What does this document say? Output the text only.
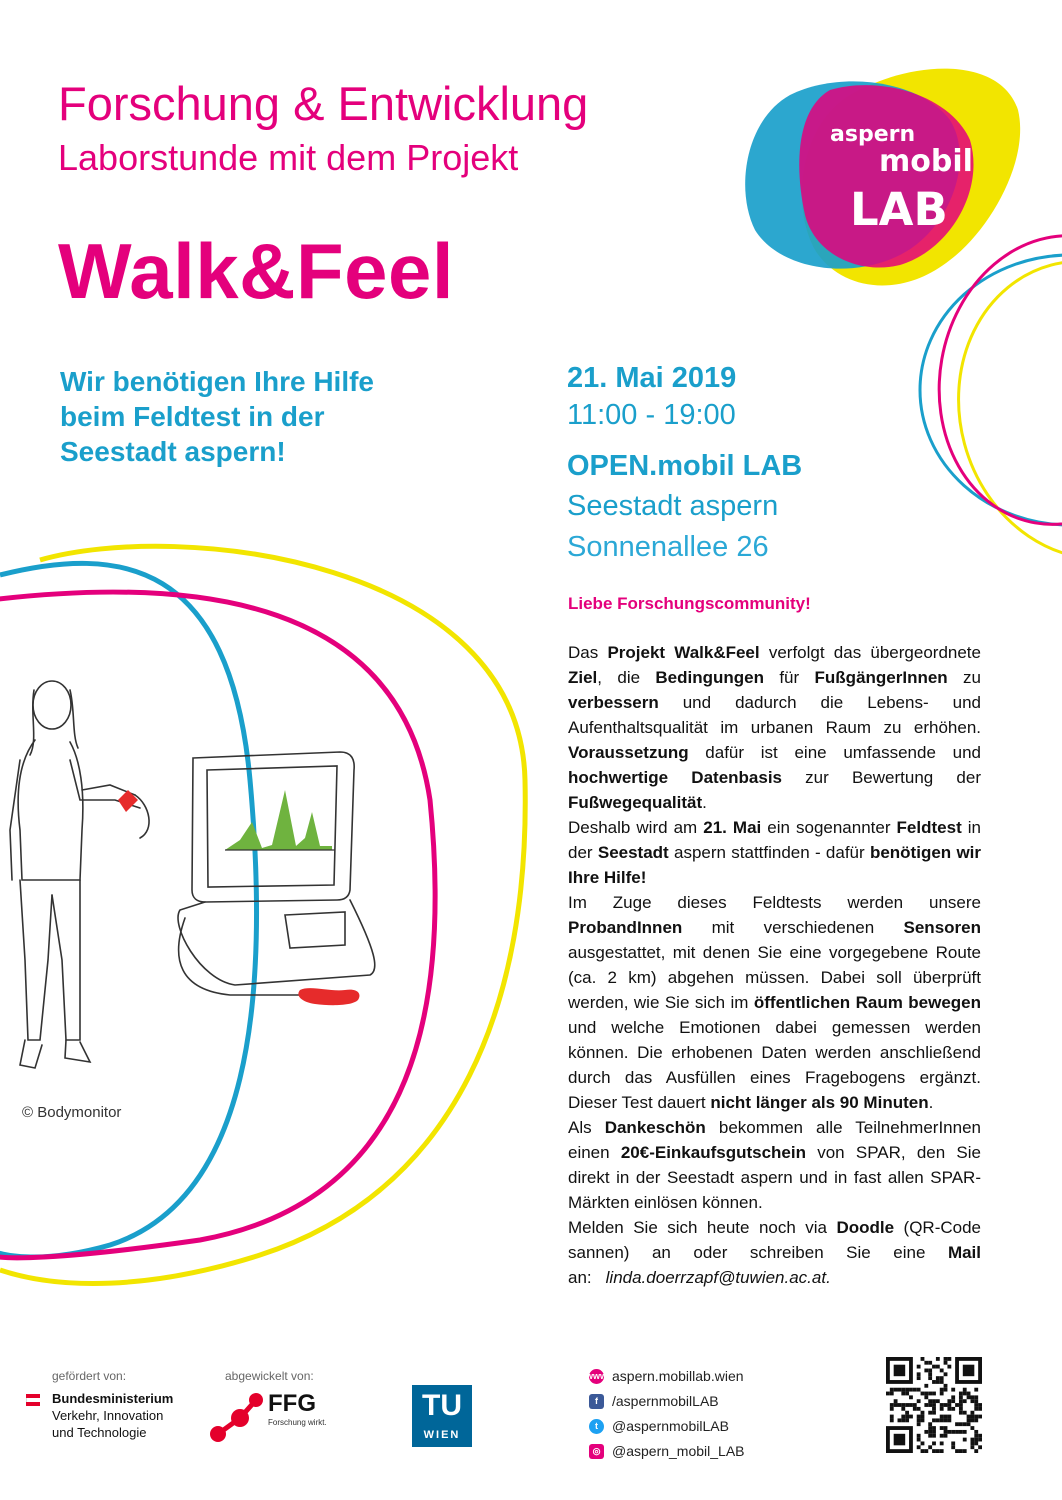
aspern
mobil
LAB
Forschung & Entwicklung
Laborstunde mit dem Projekt
Walk&Feel
Wir benötigen Ihre Hilfe
beim Feldtest in der
Seestadt aspern!
21. Mai 2019
11:00 - 19:00
OPEN.mobil LAB
Seestadt aspern
Sonnenallee 26
Liebe Forschungscommunity!

Das Projekt Walk&Feel verfolgt das übergeordnete Ziel, die Bedingungen für FußgängerInnen zu verbessern und dadurch die Lebens- und Aufenthaltsqualität im urbanen Raum zu erhöhen. Voraussetzung dafür ist eine umfassende und hochwertige Datenbasis zur Bewertung der Fußwegequalität.

Deshalb wird am 21. Mai ein sogenannter Feldtest in der Seestadt aspern stattfinden - dafür benötigen wir Ihre Hilfe!

Im Zuge dieses Feldtests werden unsere ProbandInnen mit verschiedenen Sensoren ausgestattet, mit denen Sie eine vorgegebene Route (ca. 2 km) abgehen müssen. Dabei soll überprüft werden, wie Sie sich im öffentlichen Raum bewegen und welche Emotionen dabei gemessen werden können. Die erhobenen Daten werden anschließend durch das Ausfüllen eines Fragebogens ergänzt. Dieser Test dauert nicht länger als 90 Minuten.

Als Dankeschön bekommen alle TeilnehmerInnen einen 20€-Einkaufsgutschein von SPAR, den Sie direkt in der Seestadt aspern und in fast allen SPAR-Märkten einlösen können.

Melden Sie sich heute noch via Doodle (QR-Code sannen) an oder schreiben Sie eine Mail an: linda.doerrzapf@tuwien.ac.at.

© Bodymonitor
gefördert von:
Bundesministerium
Verkehr, Innovation
und Technologie
abgewickelt von:
FFG
Forschung wirkt.
TU
WIEN
www aspern.mobillab.wien
f	/aspernmobilLAB
t	@aspernmobilLAB
◎ @aspern_mobil_LAB
